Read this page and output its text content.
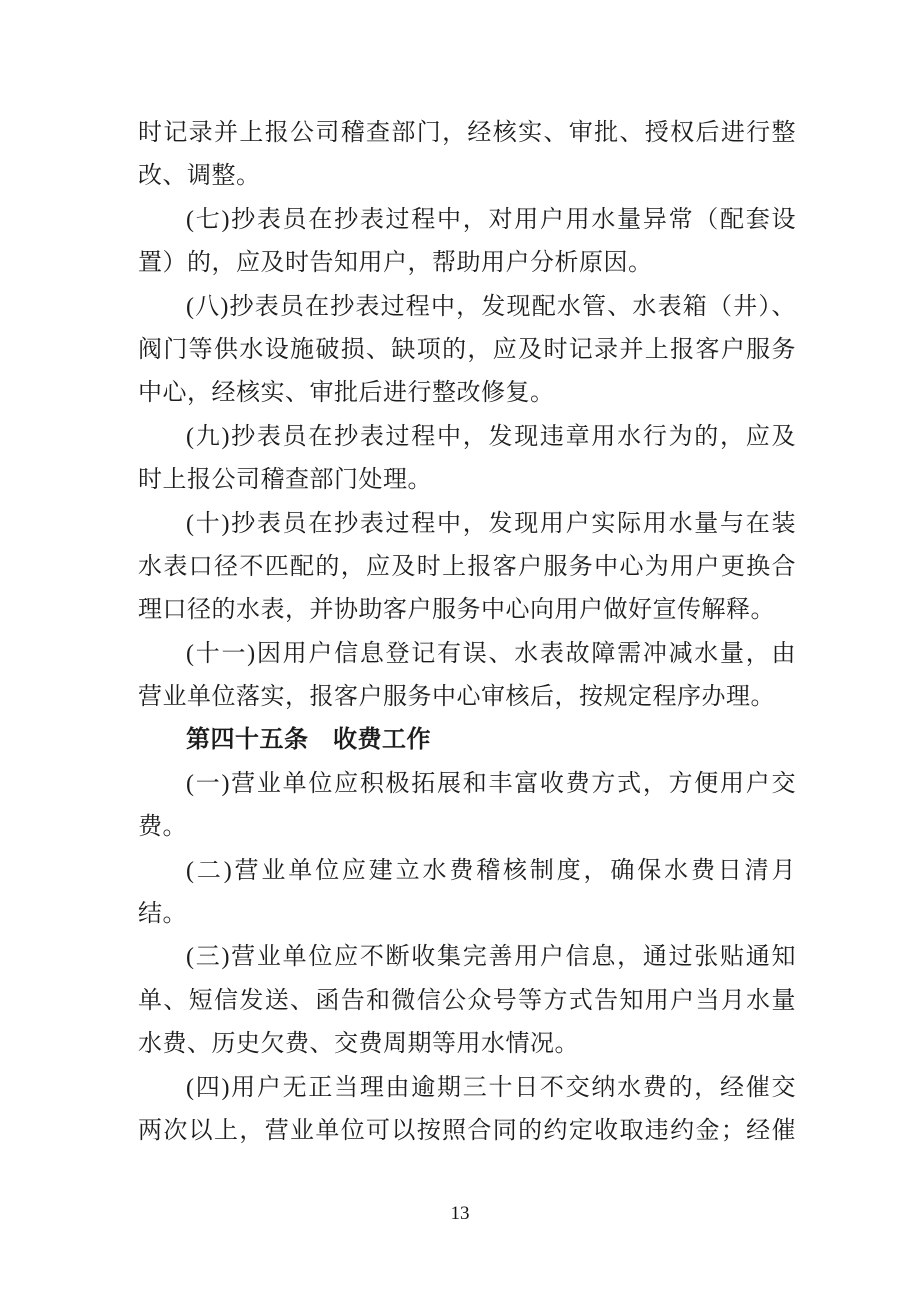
时记录并上报公司稽查部门，经核实、审批、授权后进行整
改、调整。
(七)抄表员在抄表过程中，对用户用水量异常（配套设
置）的，应及时告知用户，帮助用户分析原因。
(八)抄表员在抄表过程中，发现配水管、水表箱（井）、
阀门等供水设施破损、缺项的，应及时记录并上报客户服务
中心，经核实、审批后进行整改修复。
(九)抄表员在抄表过程中，发现违章用水行为的，应及
时上报公司稽查部门处理。
(十)抄表员在抄表过程中，发现用户实际用水量与在装
水表口径不匹配的，应及时上报客户服务中心为用户更换合
理口径的水表，并协助客户服务中心向用户做好宣传解释。
(十一)因用户信息登记有误、水表故障需冲减水量，由
营业单位落实，报客户服务中心审核后，按规定程序办理。
第四十五条　收费工作
(一)营业单位应积极拓展和丰富收费方式，方便用户交
费。
(二)营业单位应建立水费稽核制度，确保水费日清月
结。
(三)营业单位应不断收集完善用户信息，通过张贴通知
单、短信发送、函告和微信公众号等方式告知用户当月水量
水费、历史欠费、交费周期等用水情况。
(四)用户无正当理由逾期三十日不交纳水费的，经催交
两次以上，营业单位可以按照合同的约定收取违约金；经催
13
